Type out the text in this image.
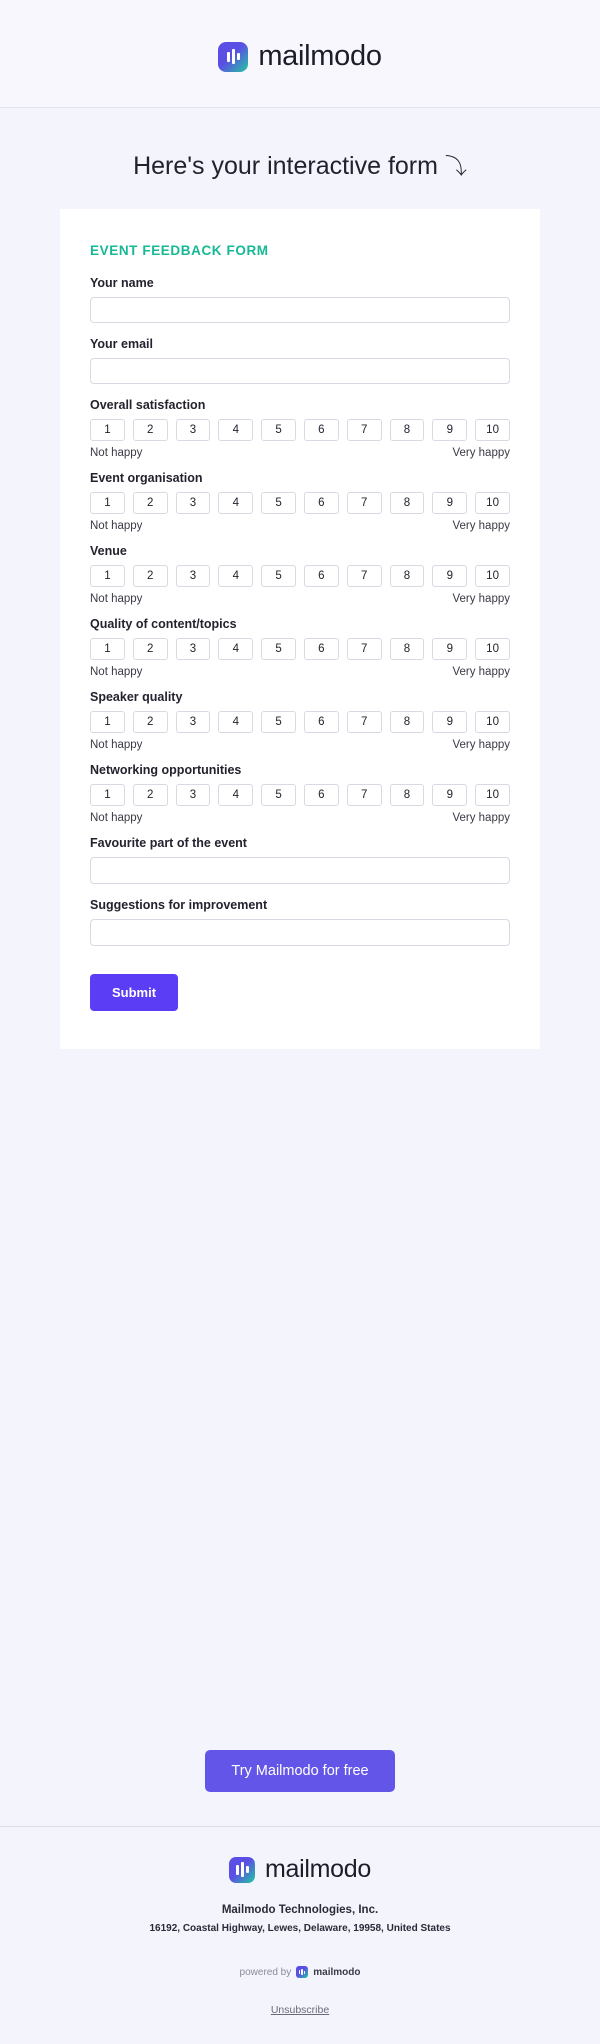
mailmodo
Here's your interactive form ⤵
EVENT FEEDBACK FORM
Your name
Your email
Overall satisfaction
1	2	3	4	5	6	7	8	9	10
Not happy	Very happy
Event organisation
1	2	3	4	5	6	7	8	9	10
Not happy	Very happy
Venue
1	2	3	4	5	6	7	8	9	10
Not happy	Very happy
Quality of content/topics
1	2	3	4	5	6	7	8	9	10
Not happy	Very happy
Speaker quality
1	2	3	4	5	6	7	8	9	10
Not happy	Very happy
Networking opportunities
1	2	3	4	5	6	7	8	9	10
Not happy	Very happy
Favourite part of the event
Suggestions for improvement
Submit
Try Mailmodo for free
mailmodo
Mailmodo Technologies, Inc.
16192, Coastal Highway, Lewes, Delaware, 19958, United States
powered by mailmodo
Unsubscribe
